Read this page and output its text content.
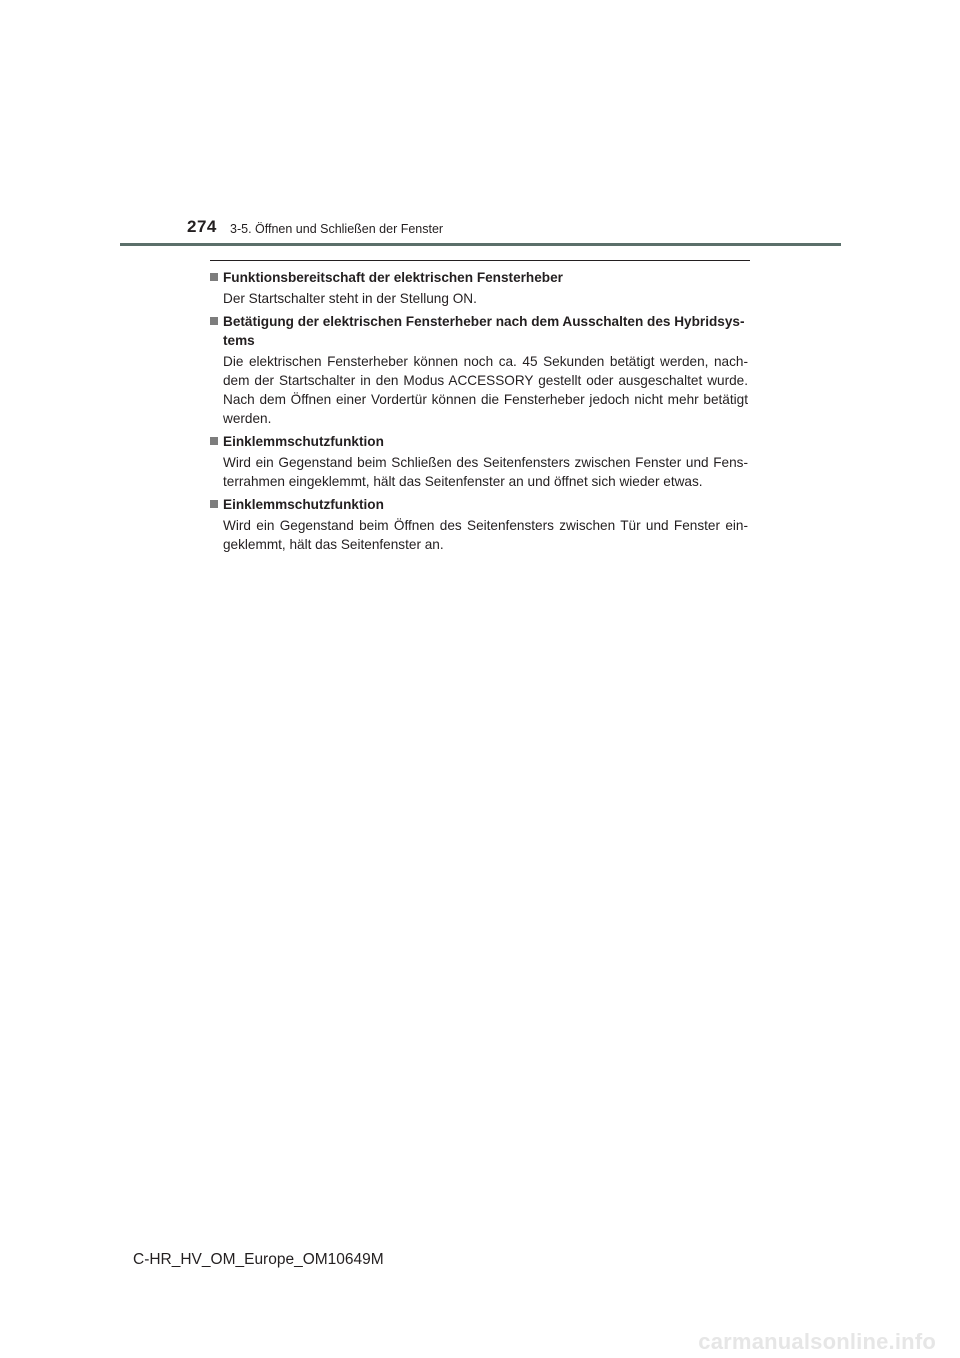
274 3-5. Öffnen und Schließen der Fenster
Funktionsbereitschaft der elektrischen Fensterheber
Der Startschalter steht in der Stellung ON.
Betätigung der elektrischen Fensterheber nach dem Ausschalten des Hybridsys-tems
Die elektrischen Fensterheber können noch ca. 45 Sekunden betätigt werden, nach-dem der Startschalter in den Modus ACCESSORY gestellt oder ausgeschaltet wurde. Nach dem Öffnen einer Vordertür können die Fensterheber jedoch nicht mehr betätigt werden.
Einklemmschutzfunktion
Wird ein Gegenstand beim Schließen des Seitenfensters zwischen Fenster und Fens-terrahmen eingeklemmt, hält das Seitenfenster an und öffnet sich wieder etwas.
Einklemmschutzfunktion
Wird ein Gegenstand beim Öffnen des Seitenfensters zwischen Tür und Fenster ein-geklemmt, hält das Seitenfenster an.
C-HR_HV_OM_Europe_OM10649M
carmanualsonline.info
